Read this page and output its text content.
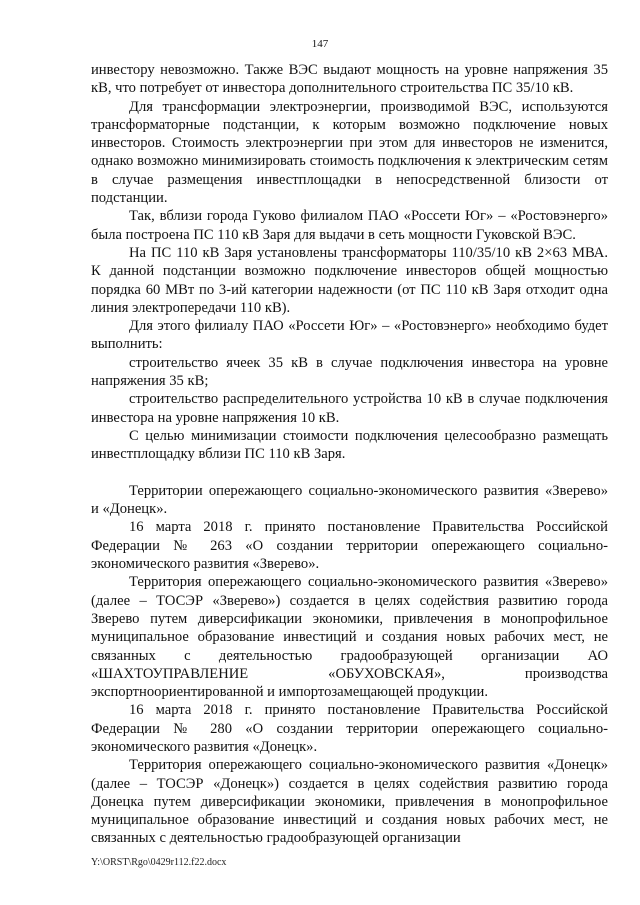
147

инвестору невозможно. Также ВЭС выдают мощность на уровне напряжения 35 кВ, что потребует от инвестора дополнительного строительства ПС 35/10 кВ.

Для трансформации электроэнергии, производимой ВЭС, используются трансформаторные подстанции, к которым возможно подключение новых инвесторов. Стоимость электроэнергии при этом для инвесторов не изменится, однако возможно минимизировать стоимость подключения к электрическим сетям в случае размещения инвестплощадки в непосредственной близости от подстанции.

Так, вблизи города Гуково филиалом ПАО «Россети Юг» – «Ростовэнерго» была построена ПС 110 кВ Заря для выдачи в сеть мощности Гуковской ВЭС.

На ПС 110 кВ Заря установлены трансформаторы 110/35/10 кВ 2×63 МВА. К данной подстанции возможно подключение инвесторов общей мощностью порядка 60 МВт по 3-ий категории надежности (от ПС 110 кВ Заря отходит одна линия электропередачи 110 кВ).

Для этого филиалу ПАО «Россети Юг» – «Ростовэнерго» необходимо будет выполнить:

строительство ячеек 35 кВ в случае подключения инвестора на уровне напряжения 35 кВ;

строительство распределительного устройства 10 кВ в случае подключения инвестора на уровне напряжения 10 кВ.

С целью минимизации стоимости подключения целесообразно размещать инвестплощадку вблизи ПС 110 кВ Заря.

Территории опережающего социально-экономического развития «Зверево» и «Донецк».

16 марта 2018 г. принято постановление Правительства Российской Федерации № 263 «О создании территории опережающего социально-экономического развития «Зверево».

Территория опережающего социально-экономического развития «Зверево» (далее – ТОСЭР «Зверево») создается в целях содействия развитию города Зверево путем диверсификации экономики, привлечения в монопрофильное муниципальное образование инвестиций и создания новых рабочих мест, не связанных с деятельностью градообразующей организации АО «ШАХТОУПРАВЛЕНИЕ «ОБУХОВСКАЯ», производства экспортноориентированной и импортозамещающей продукции.

16 марта 2018 г. принято постановление Правительства Российской Федерации № 280 «О создании территории опережающего социально-экономического развития «Донецк».

Территория опережающего социально-экономического развития «Донецк» (далее – ТОСЭР «Донецк») создается в целях содействия развитию города Донецка путем диверсификации экономики, привлечения в монопрофильное муниципальное образование инвестиций и создания новых рабочих мест, не связанных с деятельностью градообразующей организации

Y:\ORST\Rgo\0429r112.f22.docx
